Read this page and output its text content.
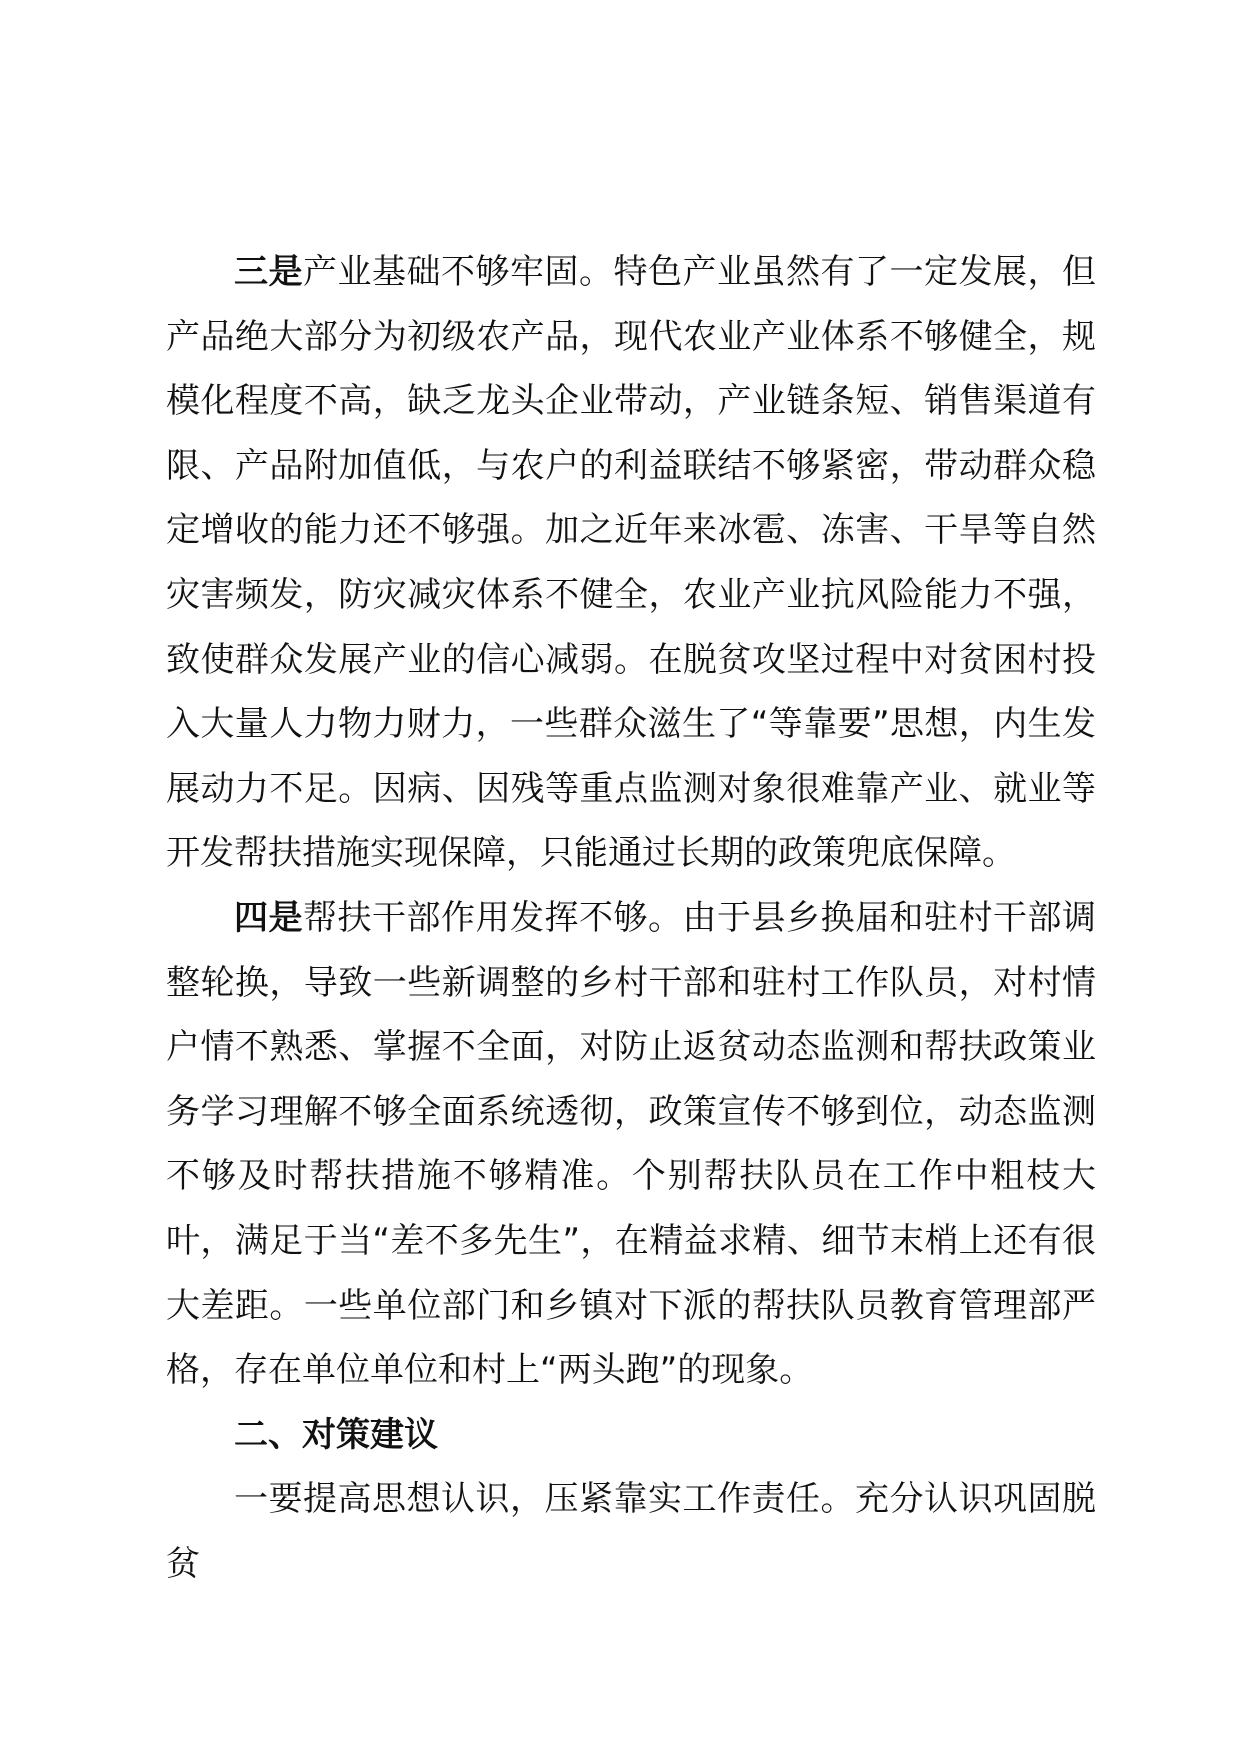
三是产业基础不够牢固。特色产业虽然有了一定发展，但产品绝大部分为初级农产品，现代农业产业体系不够健全，规模化程度不高，缺乏龙头企业带动，产业链条短、销售渠道有限、产品附加值低，与农户的利益联结不够紧密，带动群众稳定增收的能力还不够强。加之近年来冰雹、冻害、干旱等自然灾害频发，防灾减灾体系不健全，农业产业抗风险能力不强，致使群众发展产业的信心减弱。在脱贫攻坚过程中对贫困村投入大量人力物力财力，一些群众滋生了“等靠要”思想，内生发展动力不足。因病、因残等重点监测对象很难靠产业、就业等开发帮扶措施实现保障，只能通过长期的政策兜底保障。

四是帮扶干部作用发挥不够。由于县乡换届和驻村干部调整轮换，导致一些新调整的乡村干部和驻村工作队员，对村情户情不熟悉、掌握不全面，对防止返贫动态监测和帮扶政策业务学习理解不够全面系统透彻，政策宣传不够到位，动态监测不够及时帮扶措施不够精准。个别帮扶队员在工作中粗枝大叶，满足于当“差不多先生”，在精益求精、细节末梢上还有很大差距。一些单位部门和乡镇对下派的帮扶队员教育管理部严格，存在单位单位和村上“两头跑”的现象。

二、对策建议

一要提高思想认识，压紧靠实工作责任。充分认识巩固脱贫
